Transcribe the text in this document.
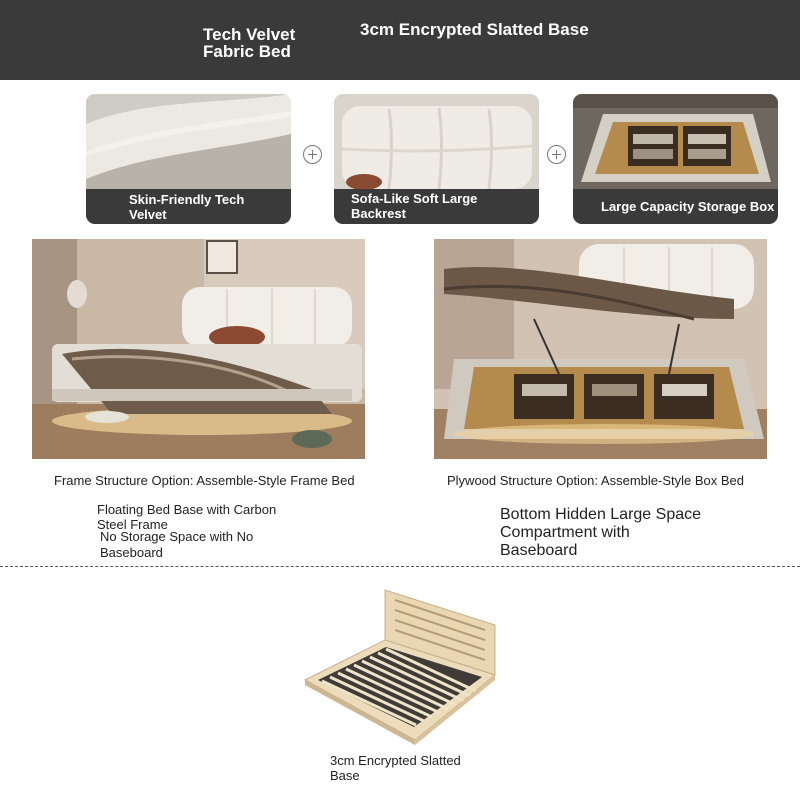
Tech Velvet Fabric Bed
3cm Encrypted Slatted Base
Skin-Friendly Tech Velvet
Sofa-Like Soft Large Backrest	Large Capacity Storage Box
Frame Structure Option: Assemble-Style Frame Bed	Plywood Structure Option: Assemble-Style Box Bed
Floating Bed Base with Carbon Steel Frame
No Storage Space with No Baseboard
Bottom Hidden Large Space Compartment with Baseboard
3cm Encrypted Slatted Base
